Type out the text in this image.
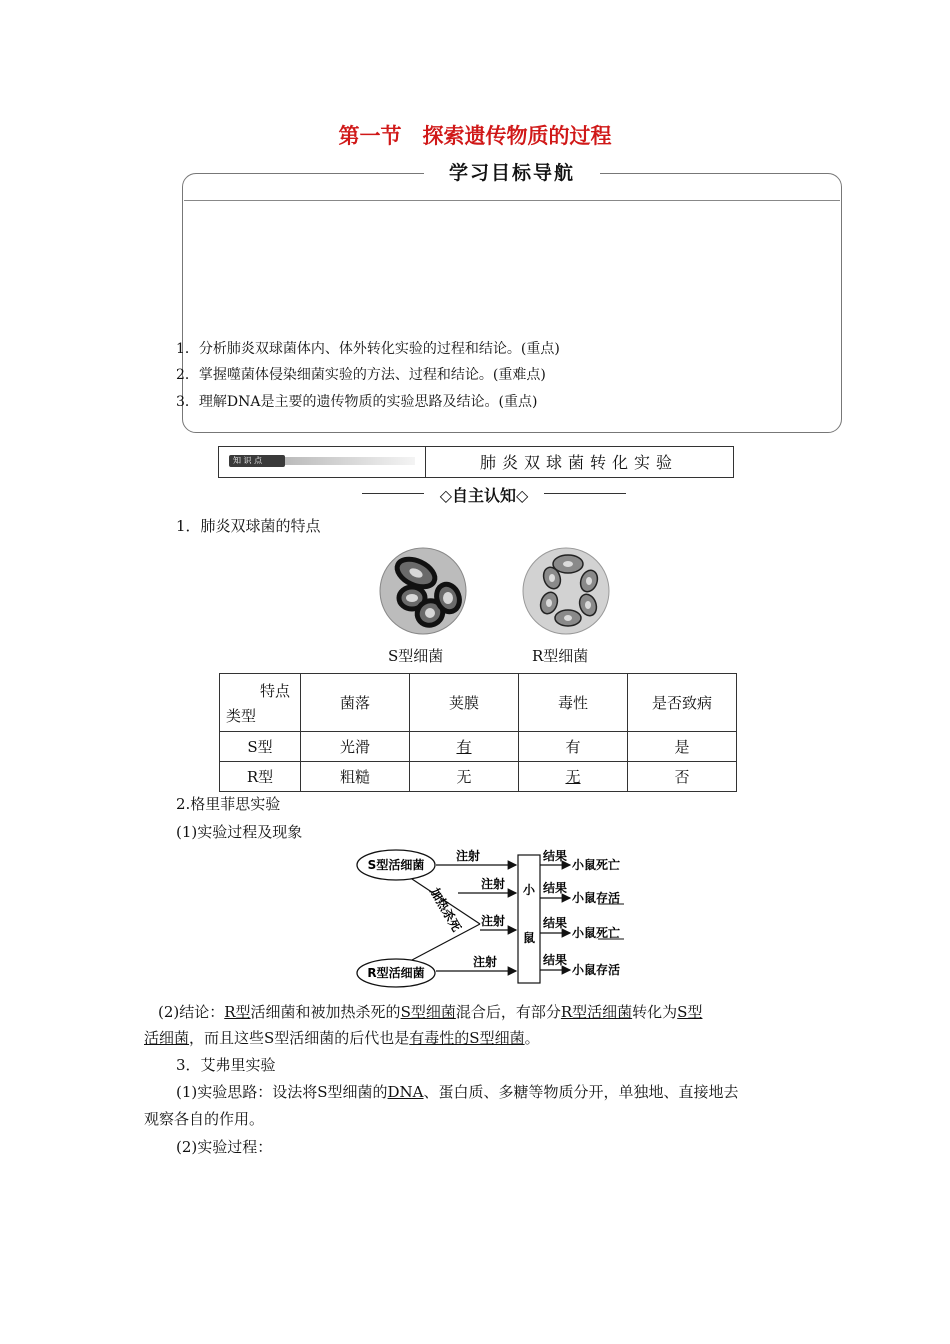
第一节　探索遗传物质的过程
学习目标导航
1．分析肺炎双球菌体内、体外转化实验的过程和结论。(重点)
2．掌握噬菌体侵染细菌实验的方法、过程和结论。(重难点)
3．理解DNA是主要的遗传物质的实验思路及结论。(重点)
知 识 点	肺炎双球菌转化实验
◇自主认知◇
1．肺炎双球菌的特点
S型细菌	R型细菌
特点
类型	菌落	荚膜	毒性	是否致病
S型	光滑	有	有	是
R型	粗糙	无	无	否
2.格里菲思实验
(1)实验过程及现象
S型活细菌
R型活细菌
注射
加热杀死
注射
注射
注射
小
鼠
结果
小鼠死亡
结果
小鼠存活
结果
小鼠死亡
结果
小鼠存活
(2)结论：R型活细菌和被加热杀死的S型细菌混合后，有部分R型活细菌转化为S型
活细菌，而且这些S型活细菌的后代也是有毒性的S型细菌。
3．艾弗里实验
(1)实验思路：设法将S型细菌的DNA、蛋白质、多糖等物质分开，单独地、直接地去
观察各自的作用。
(2)实验过程：
